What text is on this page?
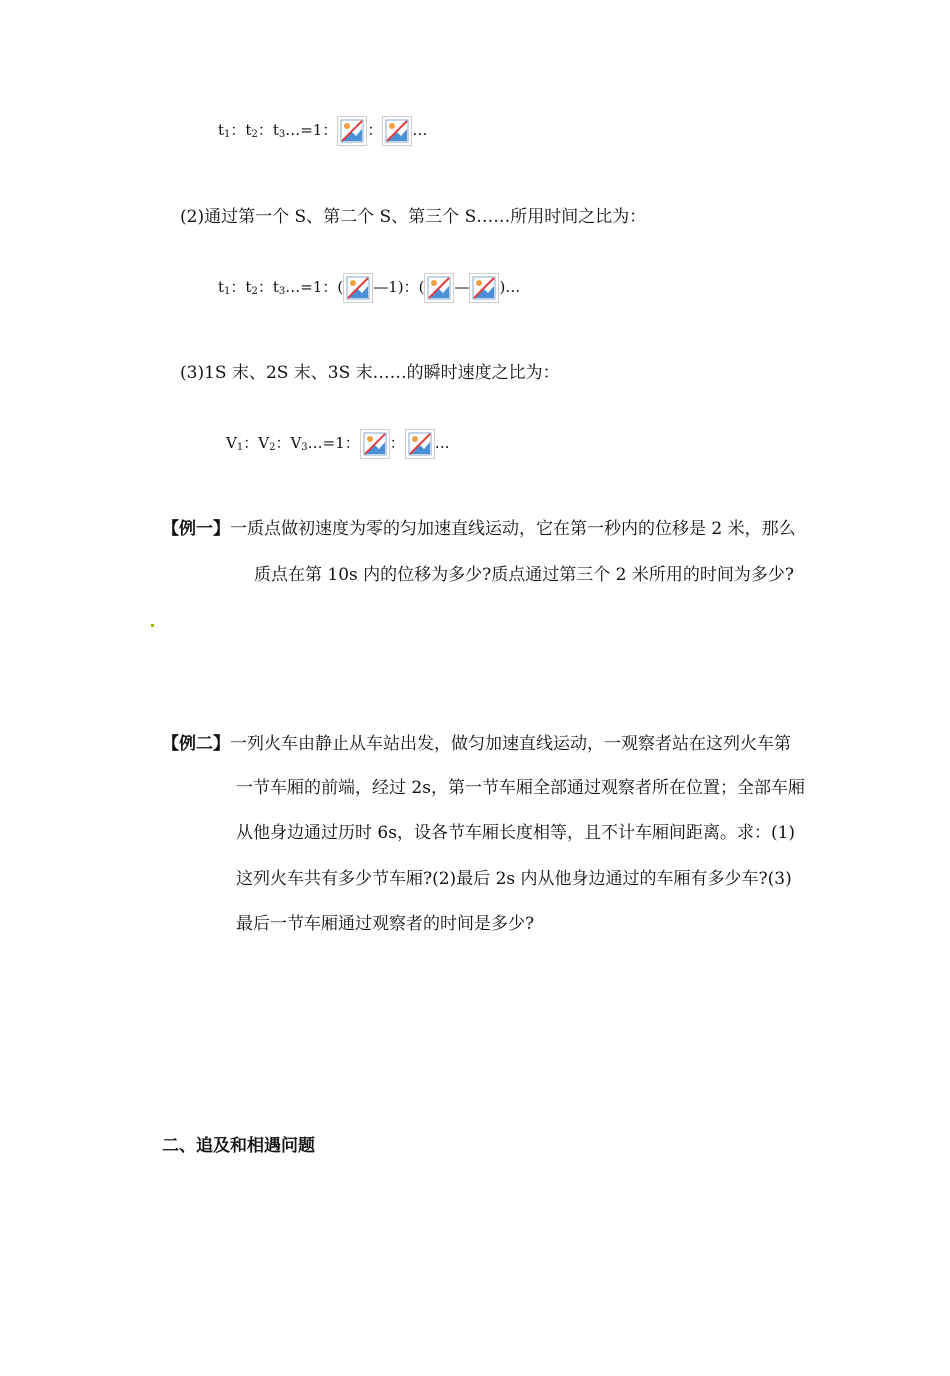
$t_1$：$t_2$：$t_3\dots=1$： ： …
(2)通过第一个 S、第二个 S、第三个 S……所用时间之比为：
$t_1$：$t_2$：$t_3\dots=1$：( —1)：( — )…
(3)1S 末、2S 末、3S 末……的瞬时速度之比为：
$V_1$：$V_2$：$V_3\dots=1$： ： …
【例一】一质点做初速度为零的匀加速直线运动，它在第一秒内的位移是 2 米，那么
质点在第 10s 内的位移为多少?质点通过第三个 2 米所用的时间为多少?
【例二】一列火车由静止从车站出发，做匀加速直线运动，一观察者站在这列火车第
一节车厢的前端，经过 2s，第一节车厢全部通过观察者所在位置；全部车厢
从他身边通过历时 6s，设各节车厢长度相等，且不计车厢间距离。求：(1)
这列火车共有多少节车厢?(2)最后 2s 内从他身边通过的车厢有多少车?(3)
最后一节车厢通过观察者的时间是多少?
二、追及和相遇问题
